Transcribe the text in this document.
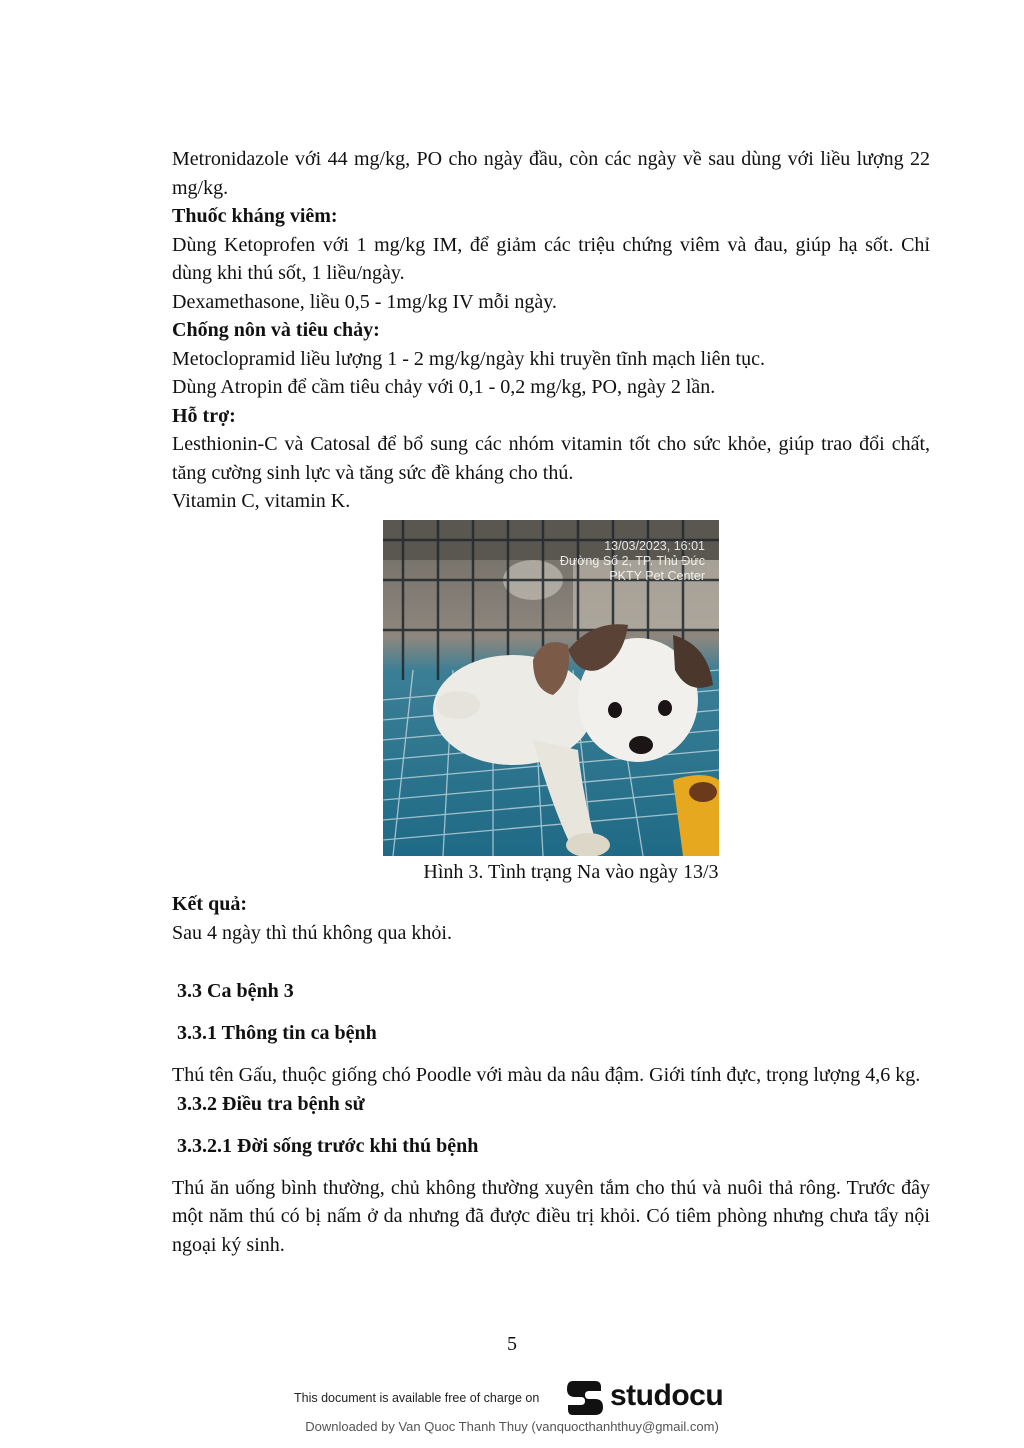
Metronidazole với 44 mg/kg, PO cho ngày đầu, còn các ngày về sau dùng với liều lượng 22 mg/kg.

Thuốc kháng viêm:

Dùng Ketoprofen với 1 mg/kg IM, để giảm các triệu chứng viêm và đau, giúp hạ sốt. Chỉ dùng khi thú sốt, 1 liều/ngày.

Dexamethasone, liều 0,5 - 1mg/kg IV mỗi ngày.

Chống nôn và tiêu chảy:

Metoclopramid liều lượng 1 - 2 mg/kg/ngày khi truyền tĩnh mạch liên tục.

Dùng Atropin để cầm tiêu chảy với 0,1 - 0,2 mg/kg, PO, ngày 2 lần.

Hỗ trợ:

Lesthionin-C và Catosal để bổ sung các nhóm vitamin tốt cho sức khỏe, giúp trao đổi chất, tăng cường sinh lực và tăng sức đề kháng cho thú.

Vitamin C, vitamin K.

13/03/2023, 16:01
Đường Số 2, TP. Thủ Đức
PKTY Pet Center

Hình 3. Tình trạng Na vào ngày 13/3

Kết quả:

Sau 4 ngày thì thú không qua khỏi.

3.3 Ca bệnh 3

3.3.1 Thông tin ca bệnh

Thú tên Gấu, thuộc giống chó Poodle với màu da nâu đậm. Giới tính đực, trọng lượng 4,6 kg.

3.3.2 Điều tra bệnh sử

3.3.2.1 Đời sống trước khi thú bệnh

Thú ăn uống bình thường, chủ không thường xuyên tắm cho thú và nuôi thả rông. Trước đây một năm thú có bị nấm ở da nhưng đã được điều trị khỏi. Có tiêm phòng nhưng chưa tẩy nội ngoại ký sinh.

5
This document is available free of charge on studocu
Downloaded by Van Quoc Thanh Thuy (vanquocthanhthuy@gmail.com)
